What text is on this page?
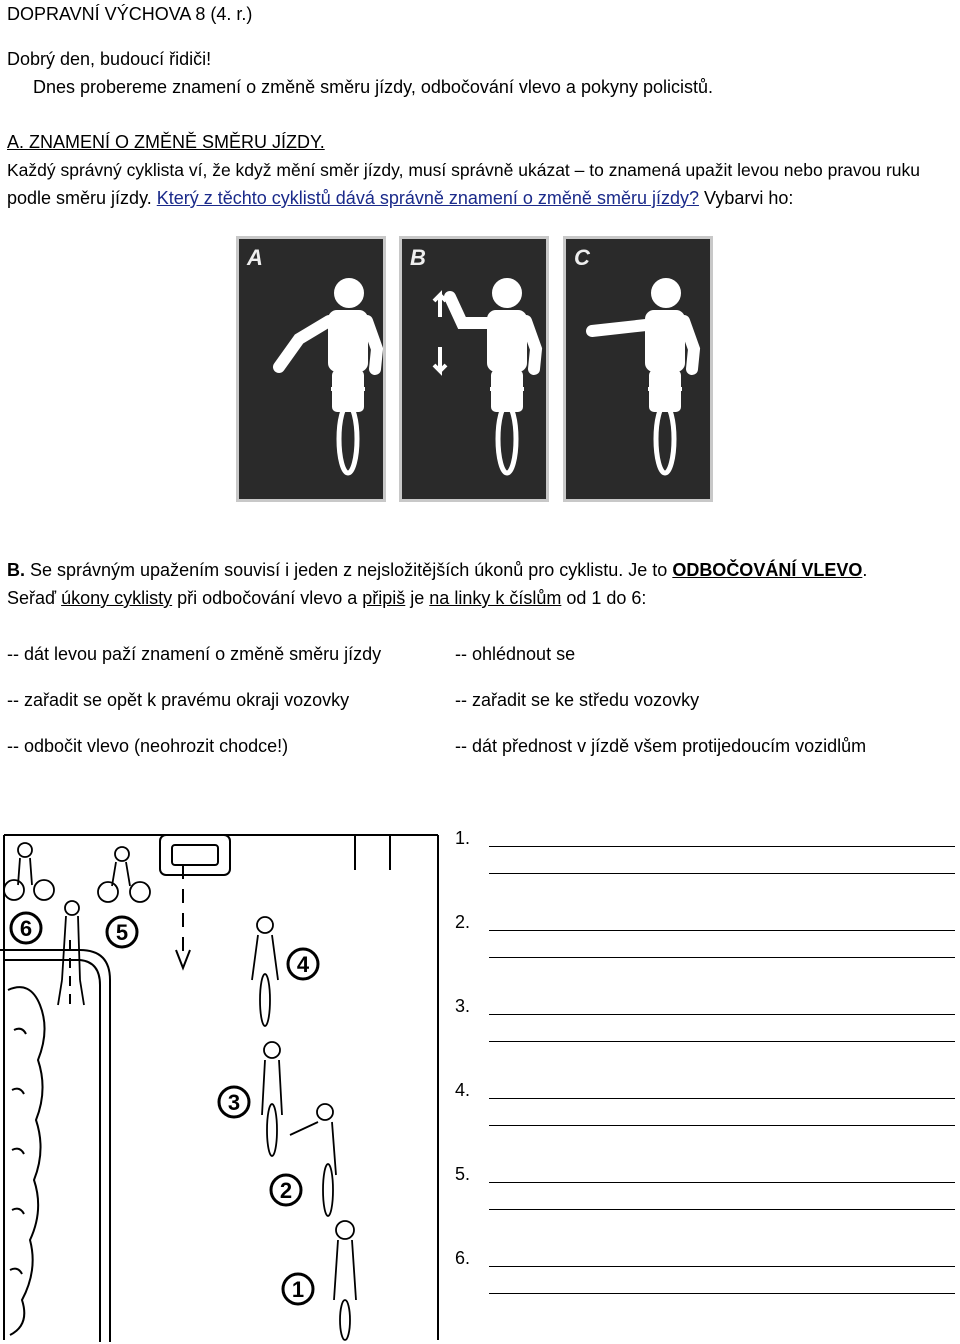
DOPRAVNÍ VÝCHOVA 8 (4. r.)
Dobrý den, budoucí řidiči!
Dnes probereme znamení o změně směru jízdy, odbočování vlevo a pokyny policistů.
A. ZNAMENÍ O ZMĚNĚ SMĚRU JÍZDY.
Každý správný cyklista ví, že když mění směr jízdy, musí správně ukázat – to znamená upažit levou nebo pravou ruku
podle směru jízdy. Který z těchto cyklistů dává správně znamení o změně směru jízdy? Vybarvi ho:
A	B	C
B. Se správným upažením souvisí i jeden z nejsložitějších úkonů pro cyklistu. Je to ODBOČOVÁNÍ VLEVO.
Seřaď úkony cyklisty při odbočování vlevo a připiš je na linky k číslům od 1 do 6:
-- dát levou paží znamení o změně směru jízdy
-- zařadit se opět k pravému okraji vozovky
-- odbočit vlevo (neohrozit chodce!)
-- ohlédnout se
-- zařadit se ke středu vozovky
-- dát přednost v jízdě všem protijedoucím vozidlům
6	5
4
3
2
1
1.
2.
3.
4.
5.
6.
